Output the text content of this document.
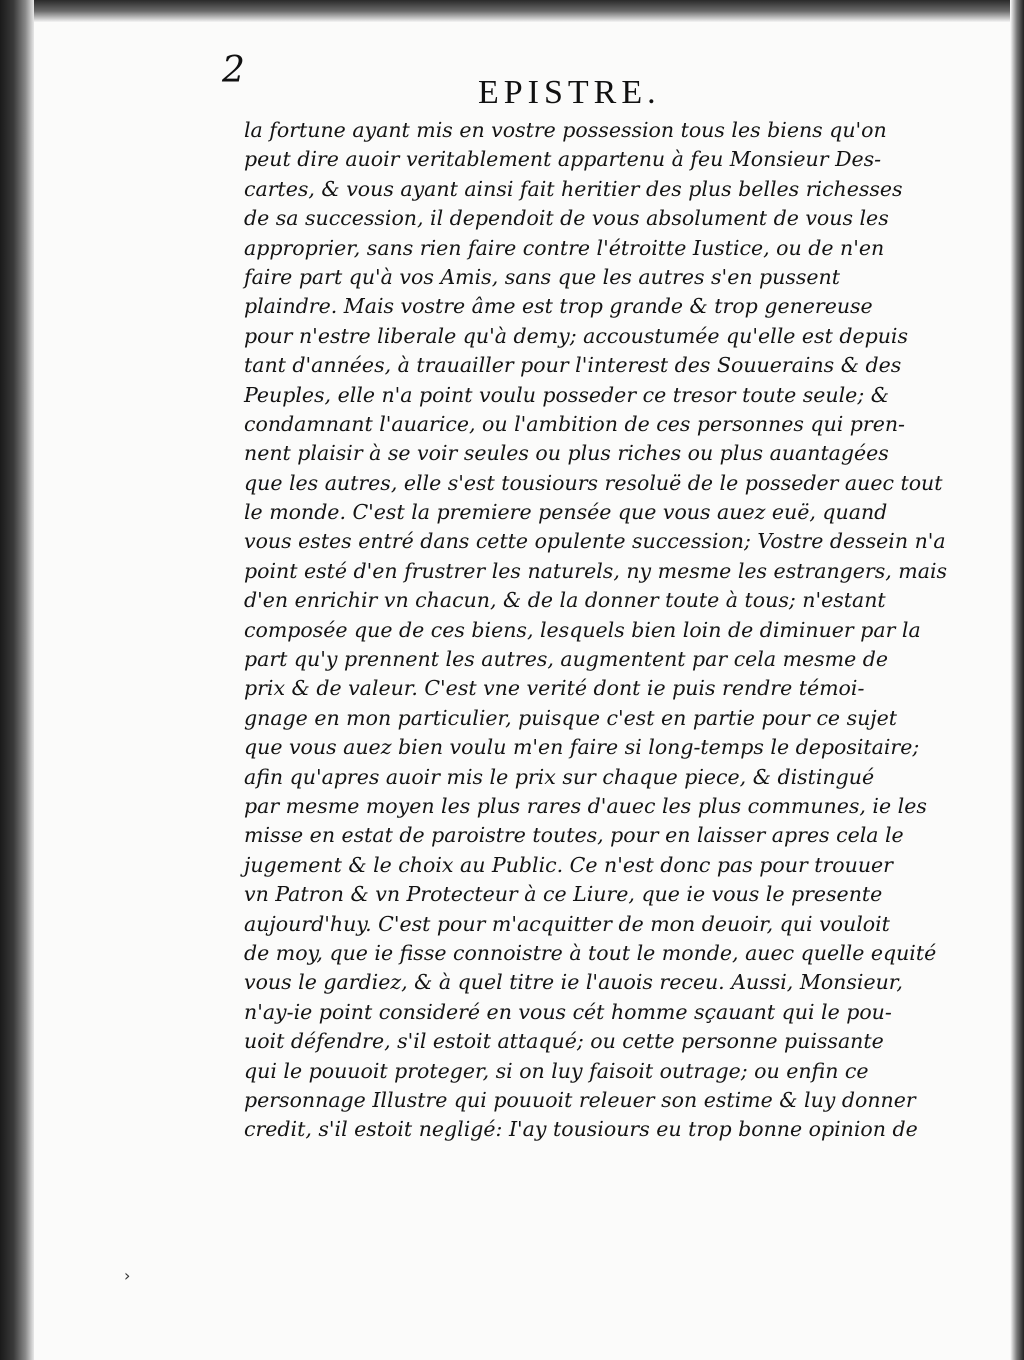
2
EPISTRE.
la fortune ayant mis en vostre possession tous les biens qu'on
peut dire auoir veritablement appartenu à feu Monsieur Des-
cartes, & vous ayant ainsi fait heritier des plus belles richesses
de sa succession, il dependoit de vous absolument de vous les
approprier, sans rien faire contre l'étroitte Iustice, ou de n'en
faire part qu'à vos Amis, sans que les autres s'en pussent
plaindre. Mais vostre âme est trop grande & trop genereuse
pour n'estre liberale qu'à demy; accoustumée qu'elle est depuis
tant d'années, à trauailler pour l'interest des Souuerains & des
Peuples, elle n'a point voulu posseder ce tresor toute seule; &
condamnant l'auarice, ou l'ambition de ces personnes qui pren-
nent plaisir à se voir seules ou plus riches ou plus auantagées
que les autres, elle s'est tousiours resoluë de le posseder auec tout
le monde. C'est la premiere pensée que vous auez euë, quand
vous estes entré dans cette opulente succession; Vostre dessein n'a
point esté d'en frustrer les naturels, ny mesme les estrangers, mais
d'en enrichir vn chacun, & de la donner toute à tous; n'estant
composée que de ces biens, lesquels bien loin de diminuer par la
part qu'y prennent les autres, augmentent par cela mesme de
prix & de valeur. C'est vne verité dont ie puis rendre témoi-
gnage en mon particulier, puisque c'est en partie pour ce sujet
que vous auez bien voulu m'en faire si long-temps le depositaire;
afin qu'apres auoir mis le prix sur chaque piece, & distingué
par mesme moyen les plus rares d'auec les plus communes, ie les
misse en estat de paroistre toutes, pour en laisser apres cela le
jugement & le choix au Public. Ce n'est donc pas pour trouuer
vn Patron & vn Protecteur à ce Liure, que ie vous le presente
aujourd'huy. C'est pour m'acquitter de mon deuoir, qui vouloit
de moy, que ie fisse connoistre à tout le monde, auec quelle equité
vous le gardiez, & à quel titre ie l'auois receu. Aussi, Monsieur,
n'ay-ie point consideré en vous cét homme sçauant qui le pou-
uoit défendre, s'il estoit attaqué; ou cette personne puissante
qui le pouuoit proteger, si on luy faisoit outrage; ou enfin ce
personnage Illustre qui pouuoit releuer son estime & luy donner
credit, s'il estoit negligé: I'ay tousiours eu trop bonne opinion de
›
